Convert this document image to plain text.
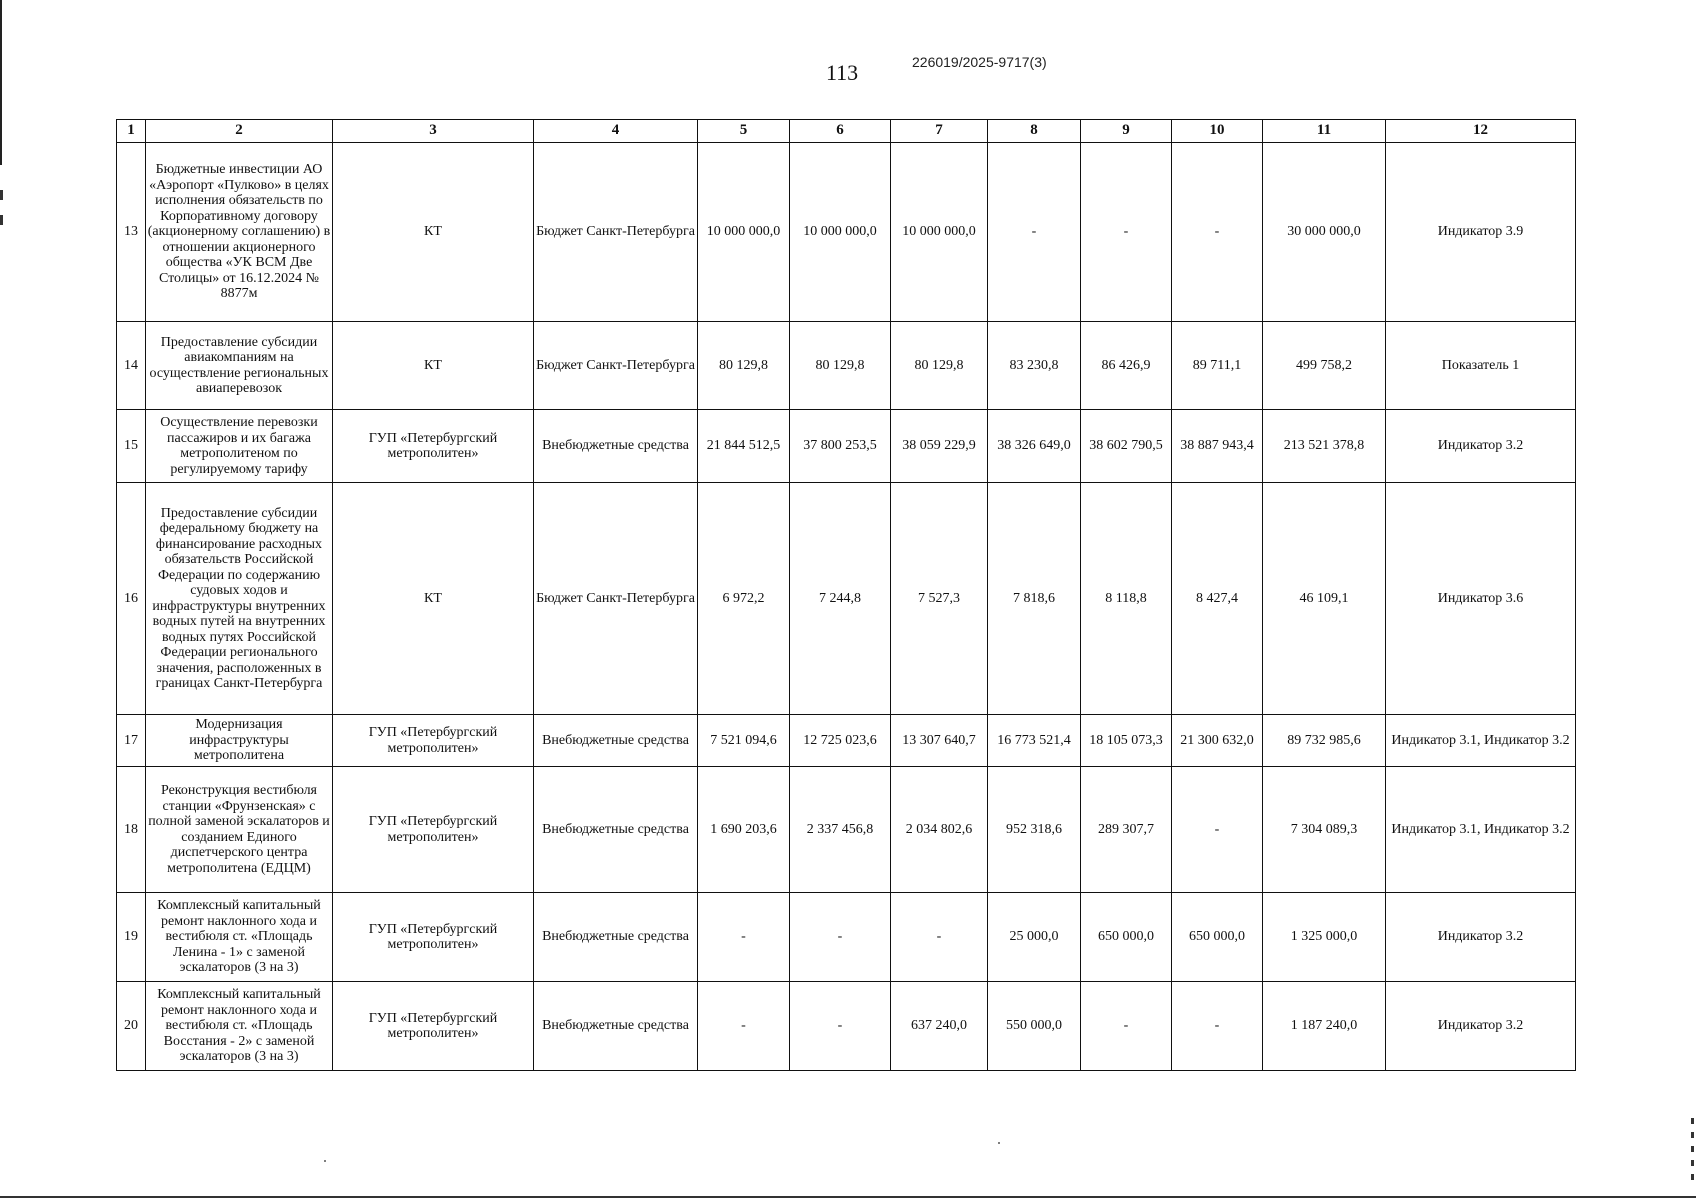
113	226019/2025-9717(3)
1	2	3	4	5	6	7	8	9	10	11	12
13	Бюджетные инвестиции АО «Аэропорт «Пулково» в целях исполнения обязательств по Корпоративному договору (акционерному соглашению) в отношении акционерного общества «УК ВСМ Две Столицы» от 16.12.2024 № 8877м	КТ	Бюджет Санкт-Петербурга	10 000 000,0	10 000 000,0	10 000 000,0	-	-	-	30 000 000,0	Индикатор 3.9
14	Предоставление субсидии авиакомпаниям на осуществление региональных авиаперевозок	КТ	Бюджет Санкт-Петербурга	80 129,8	80 129,8	80 129,8	83 230,8	86 426,9	89 711,1	499 758,2	Показатель 1
15	Осуществление перевозки пассажиров и их багажа метрополитеном по регулируемому тарифу	ГУП «Петербургский метрополитен»	Внебюджетные средства	21 844 512,5	37 800 253,5	38 059 229,9	38 326 649,0	38 602 790,5	38 887 943,4	213 521 378,8	Индикатор 3.2
16	Предоставление субсидии федеральному бюджету на финансирование расходных обязательств Российской Федерации по содержанию судовых ходов и инфраструктуры внутренних водных путей на внутренних водных путях Российской Федерации регионального значения, расположенных в границах Санкт-Петербурга	КТ	Бюджет Санкт-Петербурга	6 972,2	7 244,8	7 527,3	7 818,6	8 118,8	8 427,4	46 109,1	Индикатор 3.6
17	Модернизация инфраструктуры метрополитена	ГУП «Петербургский метрополитен»	Внебюджетные средства	7 521 094,6	12 725 023,6	13 307 640,7	16 773 521,4	18 105 073,3	21 300 632,0	89 732 985,6	Индикатор 3.1, Индикатор 3.2
18	Реконструкция вестибюля станции «Фрунзенская» с полной заменой эскалаторов и созданием Единого диспетчерского центра метрополитена (ЕДЦМ)	ГУП «Петербургский метрополитен»	Внебюджетные средства	1 690 203,6	2 337 456,8	2 034 802,6	952 318,6	289 307,7	-	7 304 089,3	Индикатор 3.1, Индикатор 3.2
19	Комплексный капитальный ремонт наклонного хода и вестибюля ст. «Площадь Ленина - 1» с заменой эскалаторов (3 на 3)	ГУП «Петербургский метрополитен»	Внебюджетные средства	-	-	-	25 000,0	650 000,0	650 000,0	1 325 000,0	Индикатор 3.2
20	Комплексный капитальный ремонт наклонного хода и вестибюля ст. «Площадь Восстания - 2» с заменой эскалаторов (3 на 3)	ГУП «Петербургский метрополитен»	Внебюджетные средства	-	-	637 240,0	550 000,0	-	-	1 187 240,0	Индикатор 3.2
